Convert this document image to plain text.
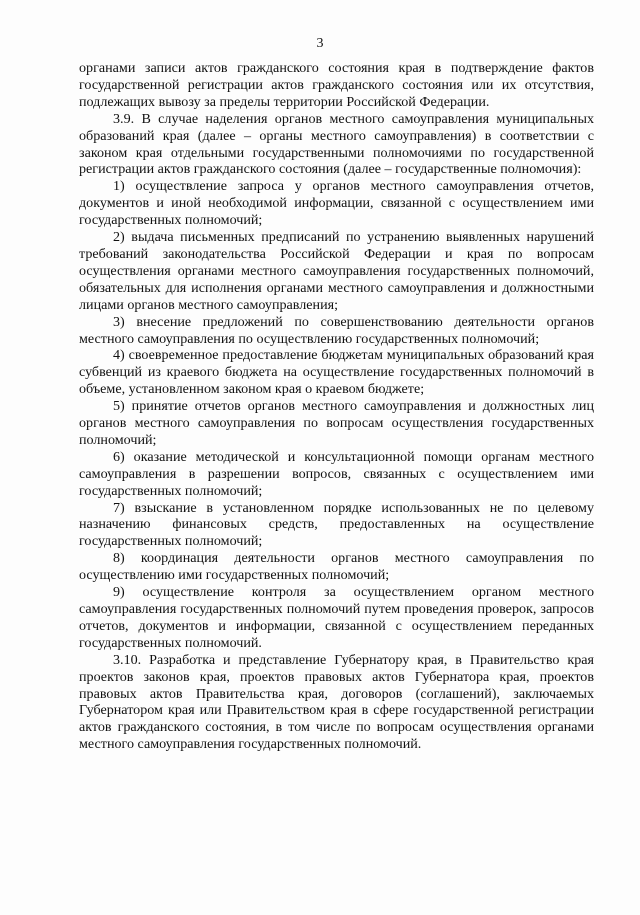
3

органами записи актов гражданского состояния края в подтверждение фактов государственной регистрации актов гражданского состояния или их отсутствия, подлежащих вывозу за пределы территории Российской Федерации.

3.9. В случае наделения органов местного самоуправления муниципальных образований края (далее – органы местного самоуправления) в соответствии с законом края отдельными государственными полномочиями по государственной регистрации актов гражданского состояния (далее – государственные полномочия):

1) осуществление запроса у органов местного самоуправления отчетов, документов и иной необходимой информации, связанной с осуществлением ими государственных полномочий;

2) выдача письменных предписаний по устранению выявленных нарушений требований законодательства Российской Федерации и края по вопросам осуществления органами местного самоуправления государственных полномочий, обязательных для исполнения органами местного самоуправления и должностными лицами органов местного самоуправления;

3) внесение предложений по совершенствованию деятельности органов местного самоуправления по осуществлению государственных полномочий;

4) своевременное предоставление бюджетам муниципальных образований края субвенций из краевого бюджета на осуществление государственных полномочий в объеме, установленном законом края о краевом бюджете;

5) принятие отчетов органов местного самоуправления и должностных лиц органов местного самоуправления по вопросам осуществления государственных полномочий;

6) оказание методической и консультационной помощи органам местного самоуправления в разрешении вопросов, связанных с осуществлением ими государственных полномочий;

7) взыскание в установленном порядке использованных не по целевому назначению финансовых средств, предоставленных на осуществление государственных полномочий;

8) координация деятельности органов местного самоуправления по осуществлению ими государственных полномочий;

9) осуществление контроля за осуществлением органом местного самоуправления государственных полномочий путем проведения проверок, запросов отчетов, документов и информации, связанной с осуществлением переданных государственных полномочий.

3.10. Разработка и представление Губернатору края, в Правительство края проектов законов края, проектов правовых актов Губернатора края, проектов правовых актов Правительства края, договоров (соглашений), заключаемых Губернатором края или Правительством края в сфере государственной регистрации актов гражданского состояния, в том числе по вопросам осуществления органами местного самоуправления государственных полномочий.
